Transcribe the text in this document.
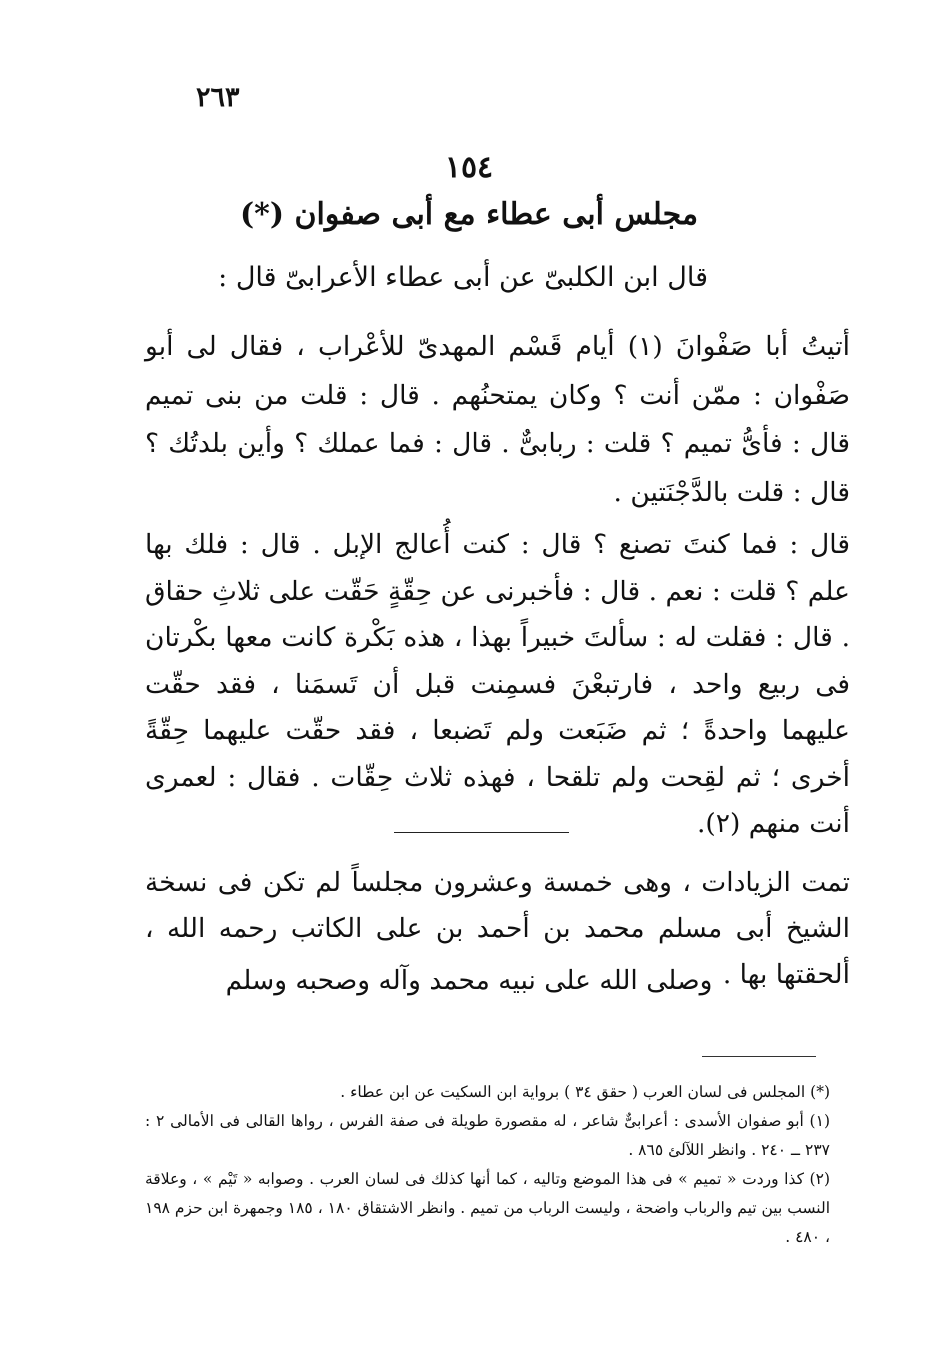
٢٦٣
١٥٤
مجلس أبى عطاء مع أبى صفوان (*)
قال ابن الكلبىّ عن أبى عطاء الأعرابىّ قال :

أتيتُ أبا صَفْوانَ (١) أيام قَسْم المهدىّ للأعْراب ، فقال لى أبو صَفْوان : ممّن أنت ؟ وكان يمتحنُهم . قال : قلت من بنى تميم قال : فأىُّ تميم ؟ قلت : ربابىٌّ . قال : فما عملك ؟ وأين بلدتُك ؟ قال : قلت بالدَّجْنَتين .

قال : فما كنتَ تصنع ؟ قال : كنت أُعالج الإبل . قال : فلك بها علم ؟ قلت : نعم . قال : فأخبرنى عن حِقّةٍ حَقّت على ثلاثِ حقاق . قال : فقلت له : سألتَ خبيراً بهذا ، هذه بَكْرة كانت معها بكْرتان فى ربيع واحد ، فارتبعْنَ فسمِنت قبل أن تَسمَنا ، فقد حقّت عليهما واحدةً ؛ ثم ضَبَعت ولم تَضبعا ، فقد حقّت عليهما حِقّةً أخرى ؛ ثم لقِحت ولم تلقحا ، فهذه ثلاث حِقّات . فقال : لعمرى أنت منهم (٢).

تمت الزيادات ، وهى خمسة وعشرون مجلساً لم تكن فى نسخة الشيخ أبى مسلم محمد بن أحمد بن على الكاتب رحمه الله ، ألحقتها بها .

وصلى الله على نبيه محمد وآله وصحبه وسلم

(*) المجلس فى لسان العرب ( حقق ٣٤ ) برواية ابن السكيت عن ابن عطاء .

(١) أبو صفوان الأسدى : أعرابىٌّ شاعر ، له مقصورة طويلة فى صفة الفرس ، رواها القالى فى الأمالى ٢ : ٢٣٧ ــ ٢٤٠ . وانظر اللآلئ ٨٦٥ .

(٢) كذا وردت « تميم » فى هذا الموضع وتاليه ، كما أنها كذلك فى لسان العرب . وصوابه « تَيْم » ، وعلاقة النسب بين تيم والرباب واضحة ، وليست الرباب من تميم . وانظر الاشتقاق ١٨٠ ، ١٨٥ وجمهرة ابن حزم ١٩٨ ، ٤٨٠ .
